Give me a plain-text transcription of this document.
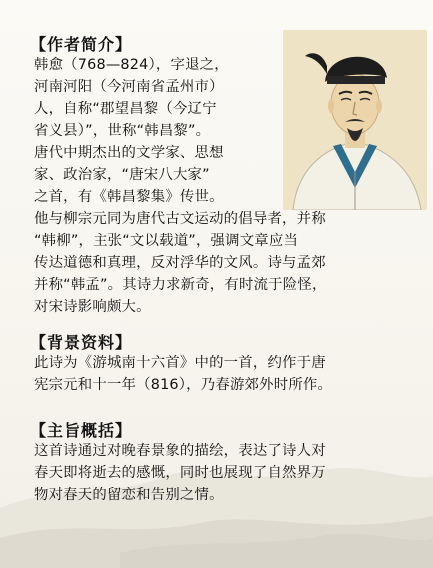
【作者简介】
韩愈（768—824），字退之，
河南河阳（今河南省孟州市）
人，自称“郡望昌黎（今辽宁
省义县）”，世称“韩昌黎”。
唐代中期杰出的文学家、思想
家、政治家，“唐宋八大家”
之首，有《韩昌黎集》传世。
他与柳宗元同为唐代古文运动的倡导者，并称
“韩柳”，主张“文以载道”，强调文章应当
传达道德和真理，反对浮华的文风。诗与孟郊
并称“韩孟”。其诗力求新奇，有时流于险怪，
对宋诗影响颇大。
【背景资料】
此诗为《游城南十六首》中的一首，约作于唐
宪宗元和十一年（816），乃春游郊外时所作。
【主旨概括】
这首诗通过对晚春景象的描绘，表达了诗人对
春天即将逝去的感慨，同时也展现了自然界万
物对春天的留恋和告别之情。
